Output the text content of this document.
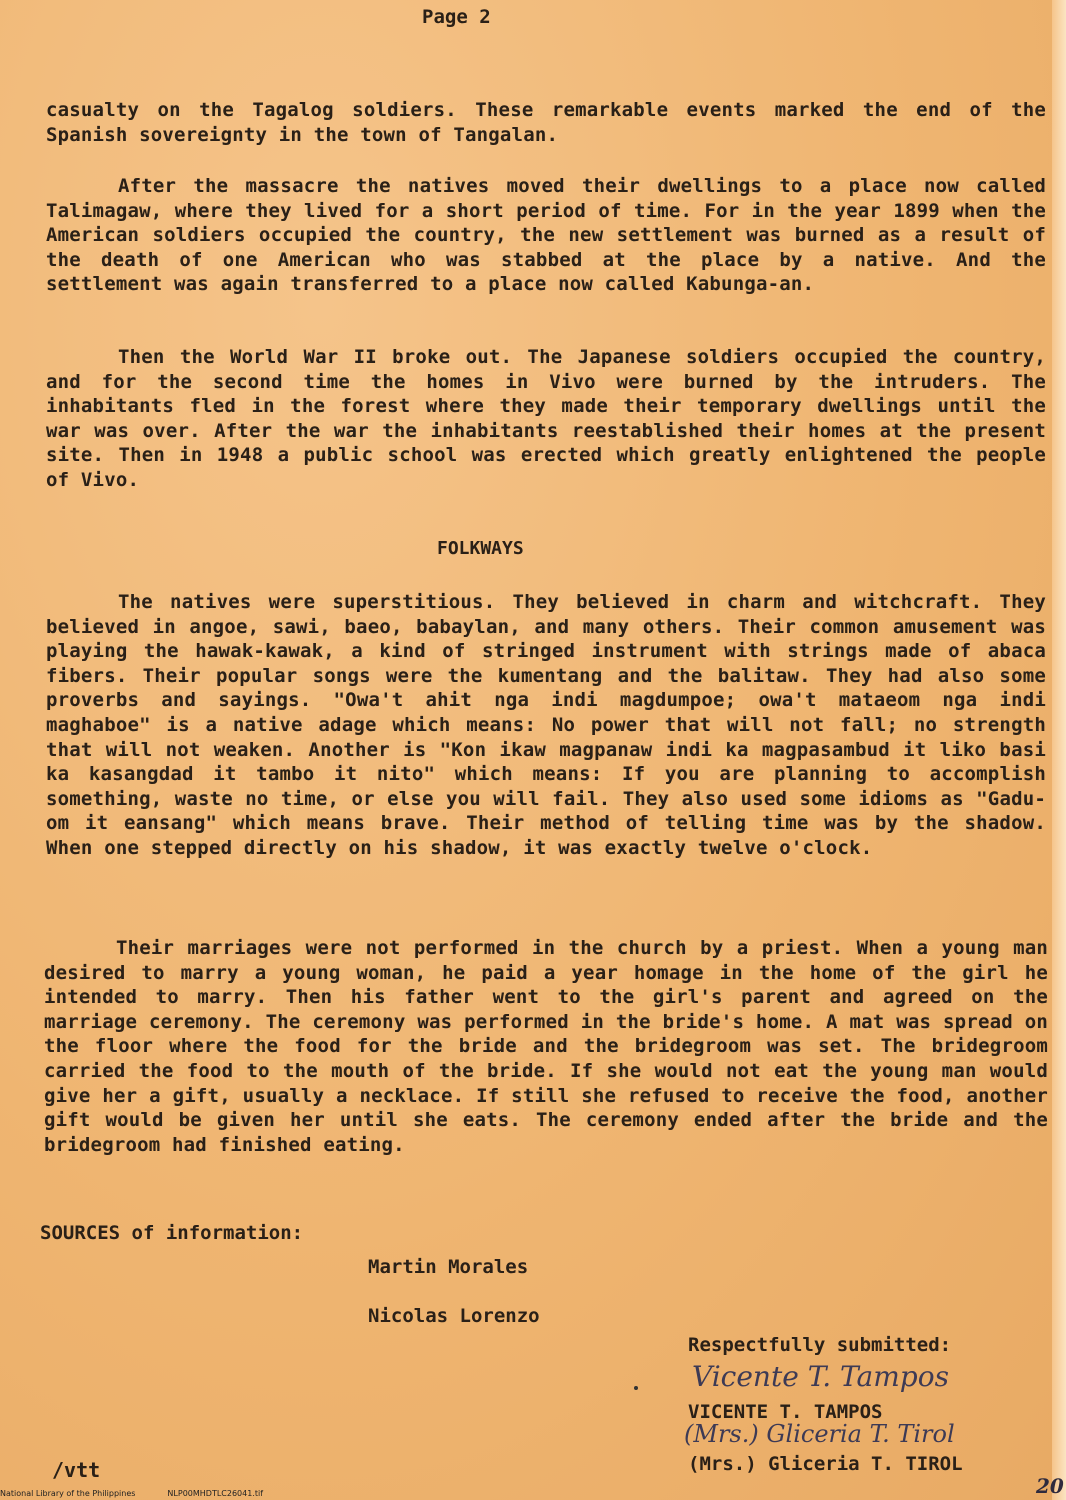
Page 2

casualty on the Tagalog soldiers. These remarkable events marked the end of the Spanish sovereignty in the town of Tangalan.

After the massacre the natives moved their dwellings to a place now called Talimagaw, where they lived for a short period of time. For in the year 1899 when the American soldiers occupied the country, the new settlement was burned as a result of the death of one American who was stabbed at the place by a native. And the settlement was again transferred to a place now called Kabunga-an.

Then the World War II broke out. The Japanese soldiers occupied the country, and for the second time the homes in Vivo were burned by the intruders. The inhabitants fled in the forest where they made their temporary dwellings until the war was over. After the war the inhabitants reestablished their homes at the present site. Then in 1948 a public school was erected which greatly enlightened the people of Vivo.

FOLKWAYS

The natives were superstitious. They believed in charm and witchcraft. They believed in angoe, sawi, baeo, babaylan, and many others. Their common amusement was playing the hawak-kawak, a kind of stringed instrument with strings made of abaca fibers. Their popular songs were the kumentang and the balitaw. They had also some proverbs and sayings. "Owa't ahit nga indi magdumpoe; owa't mataeom nga indi maghaboe" is a native adage which means: No power that will not fall; no strength that will not weaken. Another is "Kon ikaw magpanaw indi ka magpasambud it liko basi ka kasangdad it tambo it nito" which means: If you are planning to accomplish something, waste no time, or else you will fail. They also used some idioms as "Gadu-om it eansang" which means brave. Their method of telling time was by the shadow. When one stepped directly on his shadow, it was exactly twelve o'clock.

Their marriages were not performed in the church by a priest. When a young man desired to marry a young woman, he paid a year homage in the home of the girl he intended to marry. Then his father went to the girl's parent and agreed on the marriage ceremony. The ceremony was performed in the bride's home. A mat was spread on the floor where the food for the bride and the bridegroom was set. The bridegroom carried the food to the mouth of the bride. If she would not eat the young man would give her a gift, usually a necklace. If still she refused to receive the food, another gift would be given her until she eats. The ceremony ended after the bride and the bridegroom had finished eating.

SOURCES of information:

Martin Morales

Nicolas Lorenzo

Respectfully submitted:

Vicente T. Tampos

VICENTE T. TAMPOS

(Mrs.) Gliceria T. Tirol

(Mrs.) Gliceria T. TIROL

/vtt

National Library of the Philippines	NLP00MHDTLC26041.tif	20
